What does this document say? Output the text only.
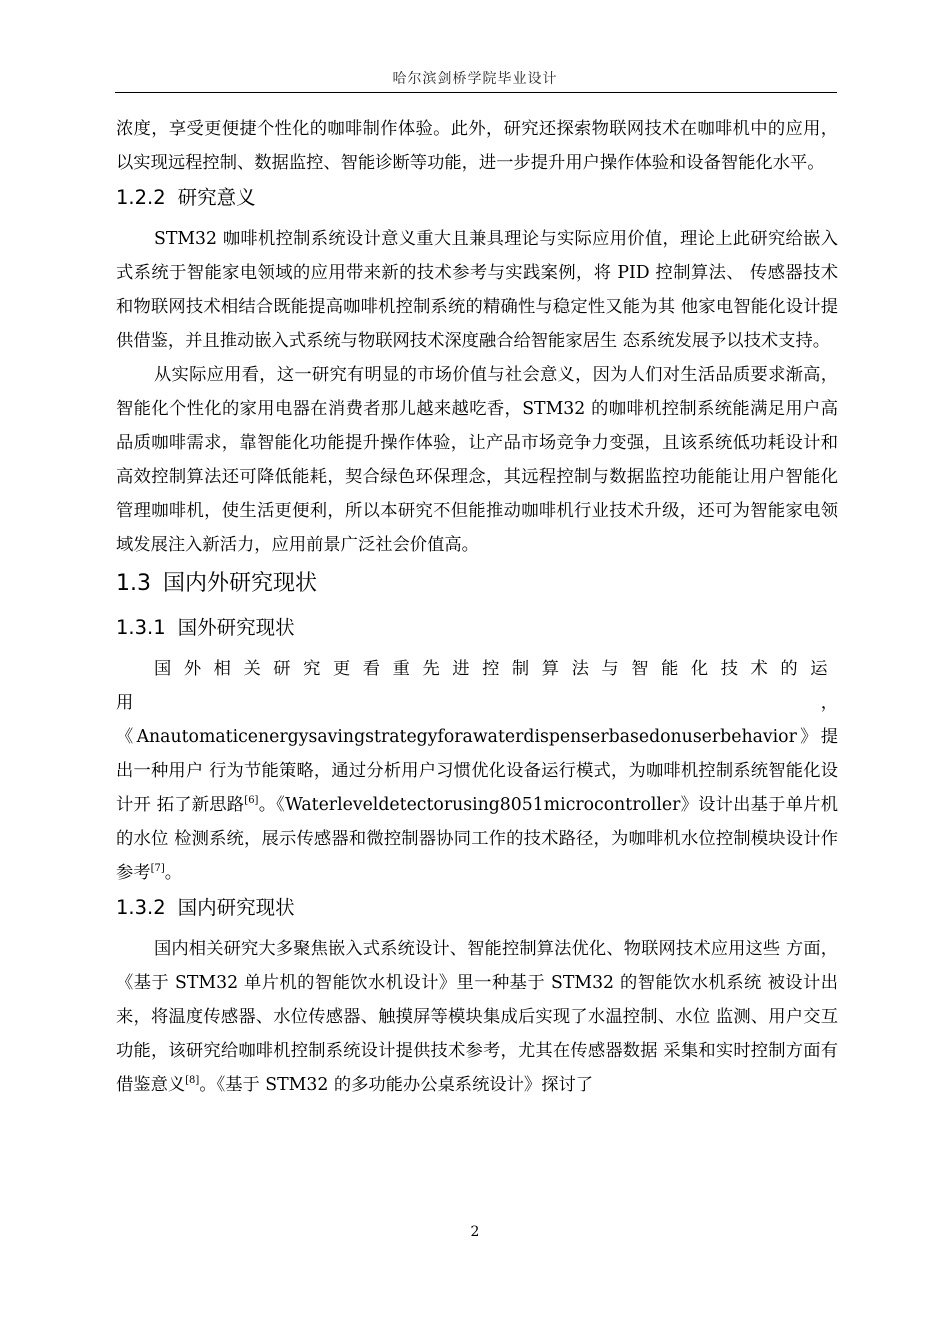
哈尔滨剑桥学院毕业设计

浓度，享受更便捷个性化的咖啡制作体验。此外，研究还探索物联网技术在咖啡机中的应用，以实现远程控制、数据监控、智能诊断等功能，进一步提升用户操作体验和设备智能化水平。

1.2.2 研究意义

STM32 咖啡机控制系统设计意义重大且兼具理论与实际应用价值，理论上此研究给嵌入式系统于智能家电领域的应用带来新的技术参考与实践案例，将 PID 控制算法、 传感器技术和物联网技术相结合既能提高咖啡机控制系统的精确性与稳定性又能为其 他家电智能化设计提供借鉴，并且推动嵌入式系统与物联网技术深度融合给智能家居生 态系统发展予以技术支持。

从实际应用看，这一研究有明显的市场价值与社会意义，因为人们对生活品质要求渐高，智能化个性化的家用电器在消费者那儿越来越吃香，STM32 的咖啡机控制系统能满足用户高品质咖啡需求，靠智能化功能提升操作体验，让产品市场竞争力变强，且该系统低功耗设计和高效控制算法还可降低能耗，契合绿色环保理念，其远程控制与数据监控功能能让用户智能化管理咖啡机，使生活更便利，所以本研究不但能推动咖啡机行业技术升级，还可为智能家电领域发展注入新活力，应用前景广泛社会价值高。

1.3 国内外研究现状
1.3.1 国外研究现状

国外相关研究更看重先进控制算法与智能化技术的运用，《Anautomaticenergysavingstrategyforawaterdispenserbasedonuserbehavior》提出一种用户 行为节能策略，通过分析用户习惯优化设备运行模式，为咖啡机控制系统智能化设计开 拓了新思路[6]。《Waterleveldetectorusing8051microcontroller》设计出基于单片机的水位 检测系统，展示传感器和微控制器协同工作的技术路径，为咖啡机水位控制模块设计作 参考[7]。

1.3.2 国内研究现状

国内相关研究大多聚焦嵌入式系统设计、智能控制算法优化、物联网技术应用这些 方面，《基于 STM32 单片机的智能饮水机设计》里一种基于 STM32 的智能饮水机系统 被设计出来，将温度传感器、水位传感器、触摸屏等模块集成后实现了水温控制、水位 监测、用户交互功能，该研究给咖啡机控制系统设计提供技术参考，尤其在传感器数据 采集和实时控制方面有借鉴意义[8]。《基于 STM32 的多功能办公桌系统设计》探讨了

2
